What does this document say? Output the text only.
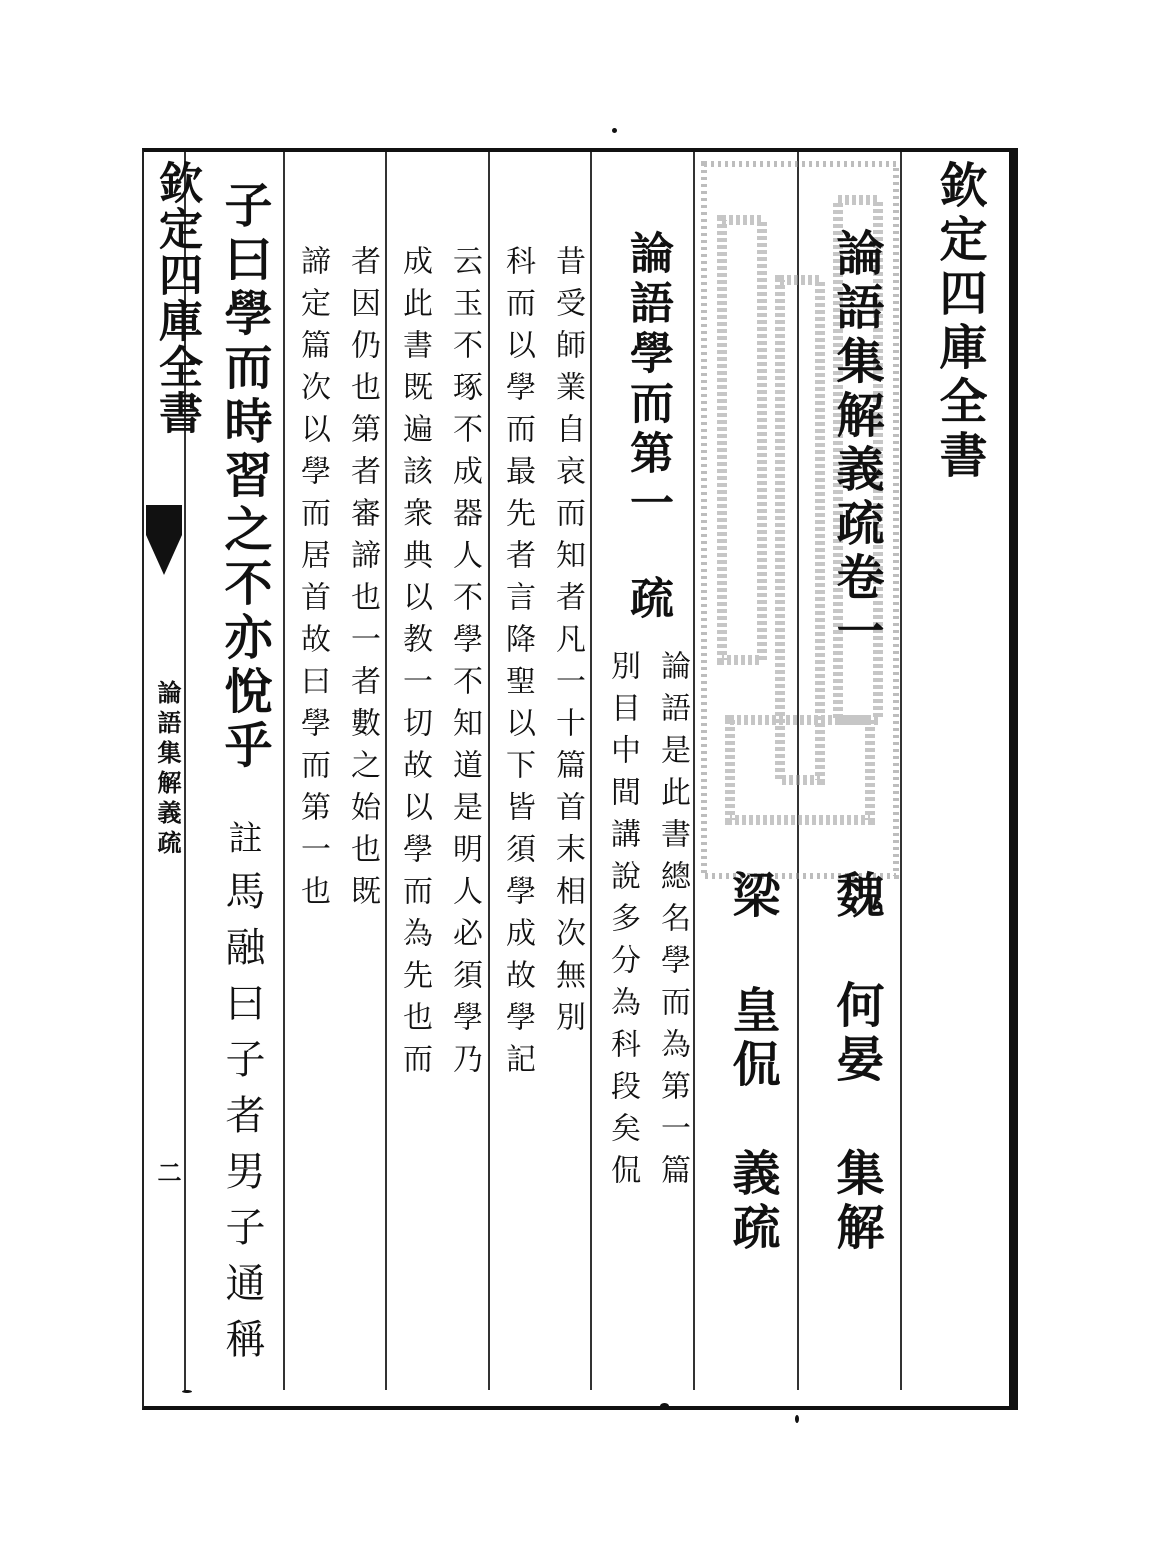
欽定四庫全書
論語集解義疏
二
欽定四庫全書
論語集解義疏卷一
魏
何晏
集解
梁
皇侃
義疏
論語學而第一
疏
論語是此書總名學而為第一篇
別目中間講說多分為科段矣侃
昔受師業自哀而知者凡一十篇首末相次無別
科而以學而最先者言降聖以下皆須學成故學記
云玉不琢不成器人不學不知道是明人必須學乃
成此書既遍該衆典以教一切故以學而為先也而
者因仍也第者審諦也一者數之始也既
諦定篇次以學而居首故曰學而第一也
子曰學而時習之不亦悅乎
註
馬融曰子者男子通稱
